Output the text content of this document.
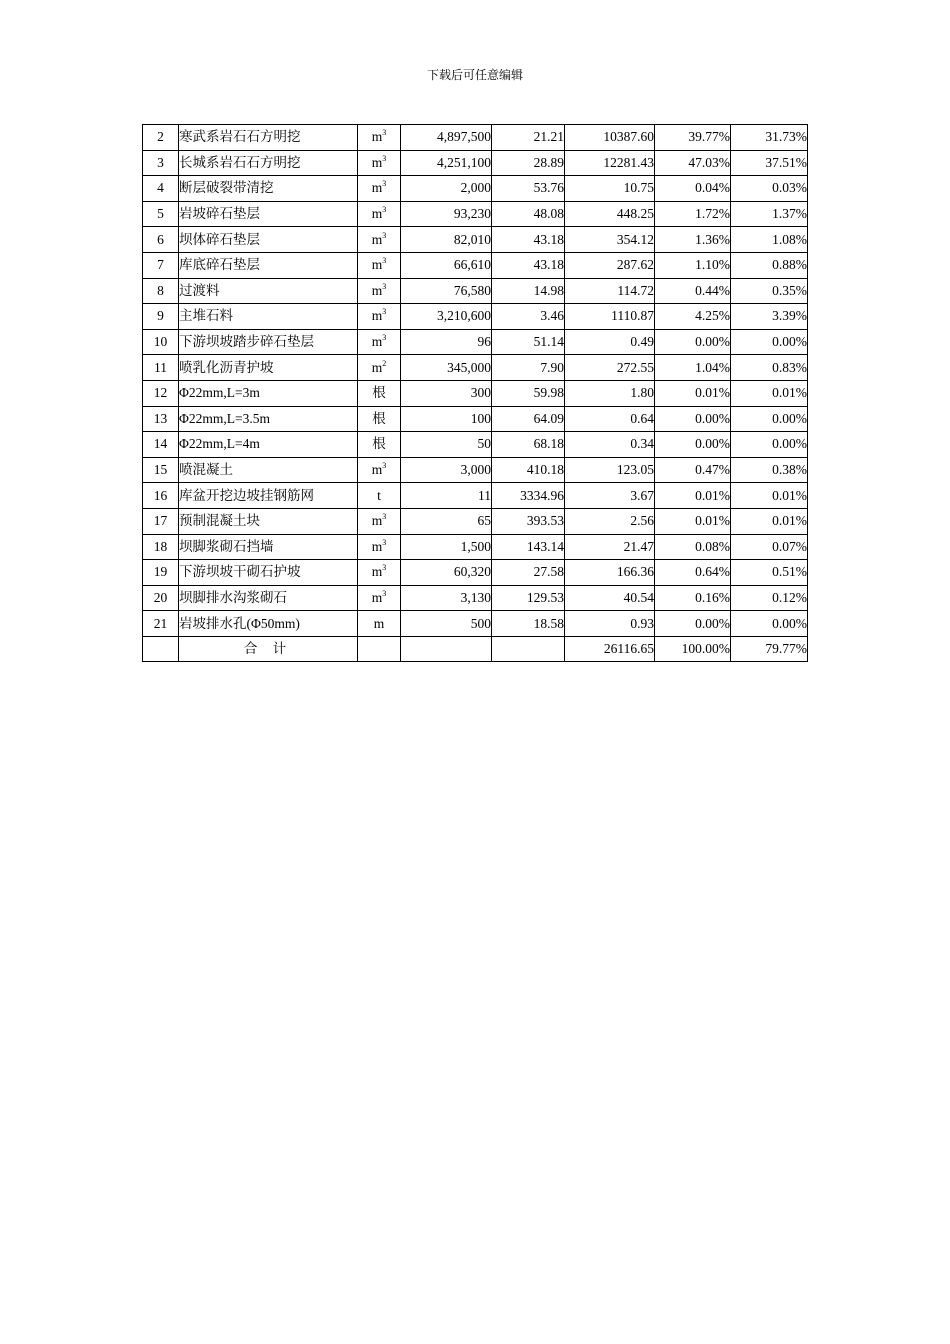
下载后可任意编辑
2	寒武系岩石石方明挖	$m^3$	4,897,500	21.21	10387.60	39.77%	31.73%
3	长城系岩石石方明挖	$m^3$	4,251,100	28.89	12281.43	47.03%	37.51%
4	断层破裂带清挖	$m^3$	2,000	53.76	10.75	0.04%	0.03%
5	岩坡碎石垫层	$m^3$	93,230	48.08	448.25	1.72%	1.37%
6	坝体碎石垫层	$m^3$	82,010	43.18	354.12	1.36%	1.08%
7	库底碎石垫层	$m^3$	66,610	43.18	287.62	1.10%	0.88%
8	过渡料	$m^3$	76,580	14.98	114.72	0.44%	0.35%
9	主堆石料	$m^3$	3,210,600	3.46	1110.87	4.25%	3.39%
10	下游坝坡踏步碎石垫层	$m^3$	96	51.14	0.49	0.00%	0.00%
11	喷乳化沥青护坡	$m^2$	345,000	7.90	272.55	1.04%	0.83%
12	Φ22mm,L=3m	根	300	59.98	1.80	0.01%	0.01%
13	Φ22mm,L=3.5m	根	100	64.09	0.64	0.00%	0.00%
14	Φ22mm,L=4m	根	50	68.18	0.34	0.00%	0.00%
15	喷混凝土	$m^3$	3,000	410.18	123.05	0.47%	0.38%
16	库盆开挖边坡挂钢筋网	t	11	3334.96	3.67	0.01%	0.01%
17	预制混凝土块	$m^3$	65	393.53	2.56	0.01%	0.01%
18	坝脚浆砌石挡墙	$m^3$	1,500	143.14	21.47	0.08%	0.07%
19	下游坝坡干砌石护坡	$m^3$	60,320	27.58	166.36	0.64%	0.51%
20	坝脚排水沟浆砌石	$m^3$	3,130	129.53	40.54	0.16%	0.12%
21	岩坡排水孔(Φ50mm)	m	500	18.58	0.93	0.00%	0.00%
	合 计				26116.65	100.00%	79.77%
